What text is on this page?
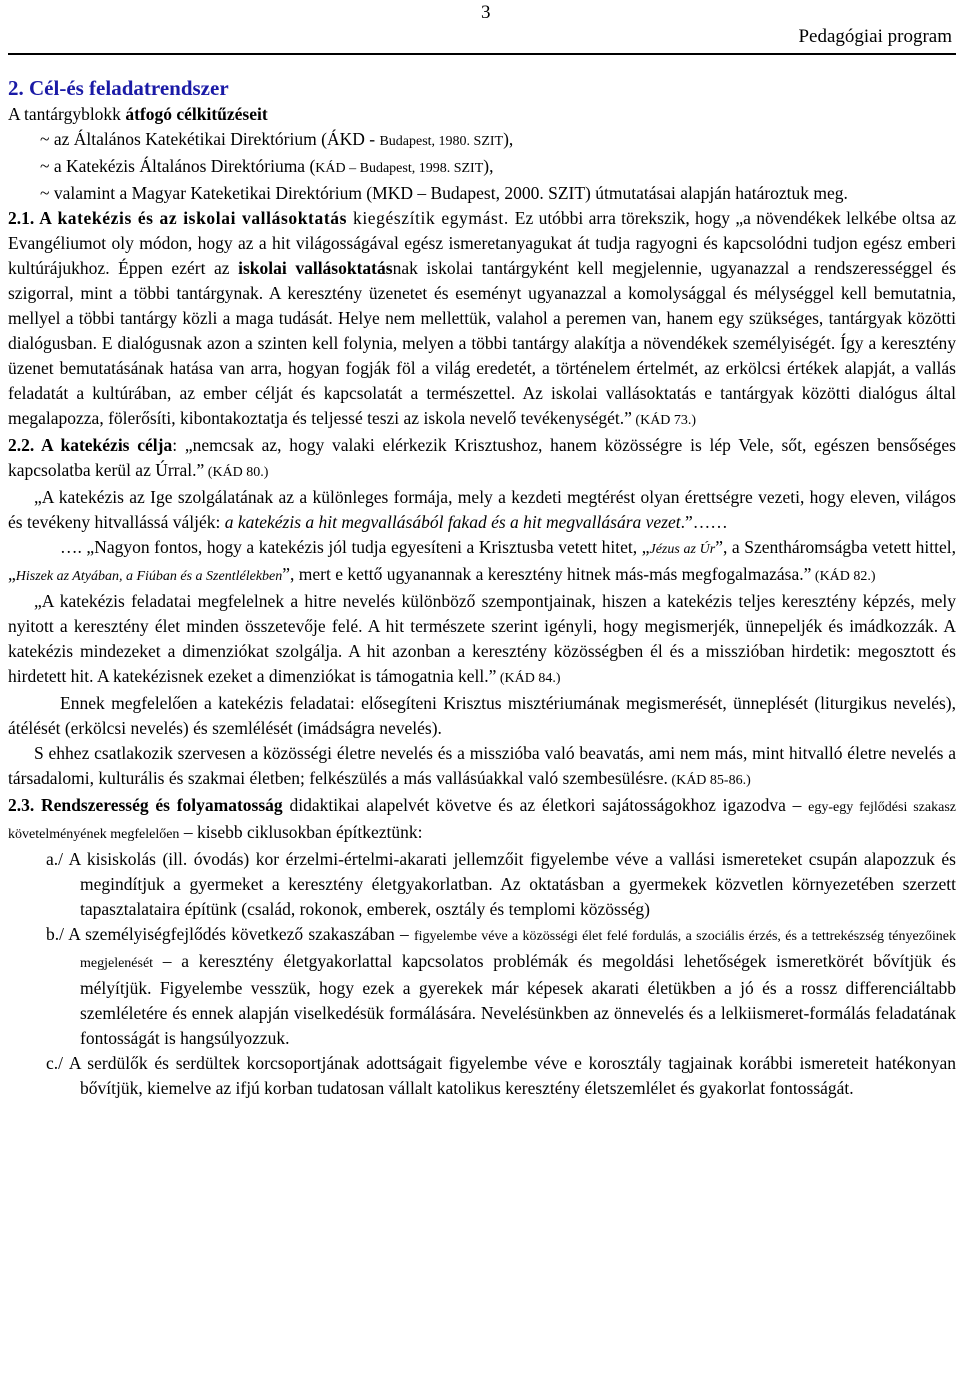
3
Pedagógiai program
2. Cél-és feladatrendszer

A tantárgyblokk átfogó célkitűzéseit

~ az Általános Katekétikai Direktórium (ÁKD - Budapest, 1980. SZIT),
~ a Katekézis Általános Direktóriuma (KÁD – Budapest, 1998. SZIT),
~ valamint a Magyar Kateketikai Direktórium (MKD – Budapest, 2000. SZIT) útmutatásai alapján határoztuk meg.

2.1. A katekézis és az iskolai vallásoktatás kiegészítik egymást. Ez utóbbi arra törekszik, hogy „a növendékek lelkébe oltsa az Evangéliumot oly módon, hogy az a hit világosságával egész ismeretanyagukat át tudja ragyogni és kapcsolódni tudjon egész emberi kultúrájukhoz. Éppen ezért az iskolai vallásoktatásnak iskolai tantárgyként kell megjelennie, ugyanazzal a rendszerességgel és szigorral, mint a többi tantárgynak. A keresztény üzenetet és eseményt ugyanazzal a komolysággal és mélységgel kell bemutatnia, mellyel a többi tantárgy közli a maga tudását. Helye nem mellettük, valahol a peremen van, hanem egy szükséges, tantárgyak közötti dialógusban. E dialógusnak azon a szinten kell folynia, melyen a többi tantárgy alakítja a növendékek személyiségét. Így a keresztény üzenet bemutatásának hatása van arra, hogyan fogják föl a világ eredetét, a történelem értelmét, az erkölcsi értékek alapját, a vallás feladatát a kultúrában, az ember célját és kapcsolatát a természettel. Az iskolai vallásoktatás e tantárgyak közötti dialógus által megalapozza, fölerősíti, kibontakoztatja és teljessé teszi az iskola nevelő tevékenységét.” (KÁD 73.)

2.2. A katekézis célja: „nemcsak az, hogy valaki elérkezik Krisztushoz, hanem közösségre is lép Vele, sőt, egészen bensőséges kapcsolatba kerül az Úrral.” (KÁD 80.)

„A katekézis az Ige szolgálatának az a különleges formája, mely a kezdeti megtérést olyan érettségre vezeti, hogy eleven, világos és tevékeny hitvallássá váljék: a katekézis a hit megvallásából fakad és a hit megvallására vezet.”……

…. „Nagyon fontos, hogy a katekézis jól tudja egyesíteni a Krisztusba vetett hitet, „Jézus az Úr”, a Szentháromságba vetett hittel, „Hiszek az Atyában, a Fiúban és a Szentlélekben”, mert e kettő ugyanannak a keresztény hitnek más-más megfogalmazása.” (KÁD 82.)

„A katekézis feladatai megfelelnek a hitre nevelés különböző szempontjainak, hiszen a katekézis teljes keresztény képzés, mely nyitott a keresztény élet minden összetevője felé. A hit természete szerint igényli, hogy megismerjék, ünnepeljék és imádkozzák. A katekézis mindezeket a dimenziókat szolgálja. A hit azonban a keresztény közösségben él és a misszióban hirdetik: megosztott és hirdetett hit. A katekézisnek ezeket a dimenziókat is támogatnia kell.” (KÁD 84.)

Ennek megfelelően a katekézis feladatai: elősegíteni Krisztus misztériumának megismerését, ünneplését (liturgikus nevelés), átélését (erkölcsi nevelés) és szemlélését (imádságra nevelés).

S ehhez csatlakozik szervesen a közösségi életre nevelés és a misszióba való beavatás, ami nem más, mint hitvalló életre nevelés a társadalomi, kulturális és szakmai életben; felkészülés a más vallásúakkal való szembesülésre. (KÁD 85-86.)

2.3. Rendszeresség és folyamatosság didaktikai alapelvét követve és az életkori sajátosságokhoz igazodva – egy-egy fejlődési szakasz követelményének megfelelően – kisebb ciklusokban építkeztünk:

a./ A kisiskolás (ill. óvodás) kor érzelmi-értelmi-akarati jellemzőit figyelembe véve a vallási ismereteket csupán alapozzuk és megindítjuk a gyermeket a keresztény életgyakorlatban. Az oktatásban a gyermekek közvetlen környezetében szerzett tapasztalataira építünk (család, rokonok, emberek, osztály és templomi közösség)
b./ A személyiségfejlődés következő szakaszában – figyelembe véve a közösségi élet felé fordulás, a szociális érzés, és a tettrekészség tényezőinek megjelenését – a keresztény életgyakorlattal kapcsolatos problémák és megoldási lehetőségek ismeretkörét bővítjük és mélyítjük. Figyelembe vesszük, hogy ezek a gyerekek már képesek akarati életükben a jó és a rossz differenciáltabb szemléletére és ennek alapján viselkedésük formálására. Nevelésünkben az önnevelés és a lelkiismeret-formálás feladatának fontosságát is hangsúlyozzuk.
c./ A serdülők és serdültek korcsoportjának adottságait figyelembe véve e korosztály tagjainak korábbi ismereteit hatékonyan bővítjük, kiemelve az ifjú korban tudatosan vállalt katolikus keresztény életszemlélet és gyakorlat fontosságát.
